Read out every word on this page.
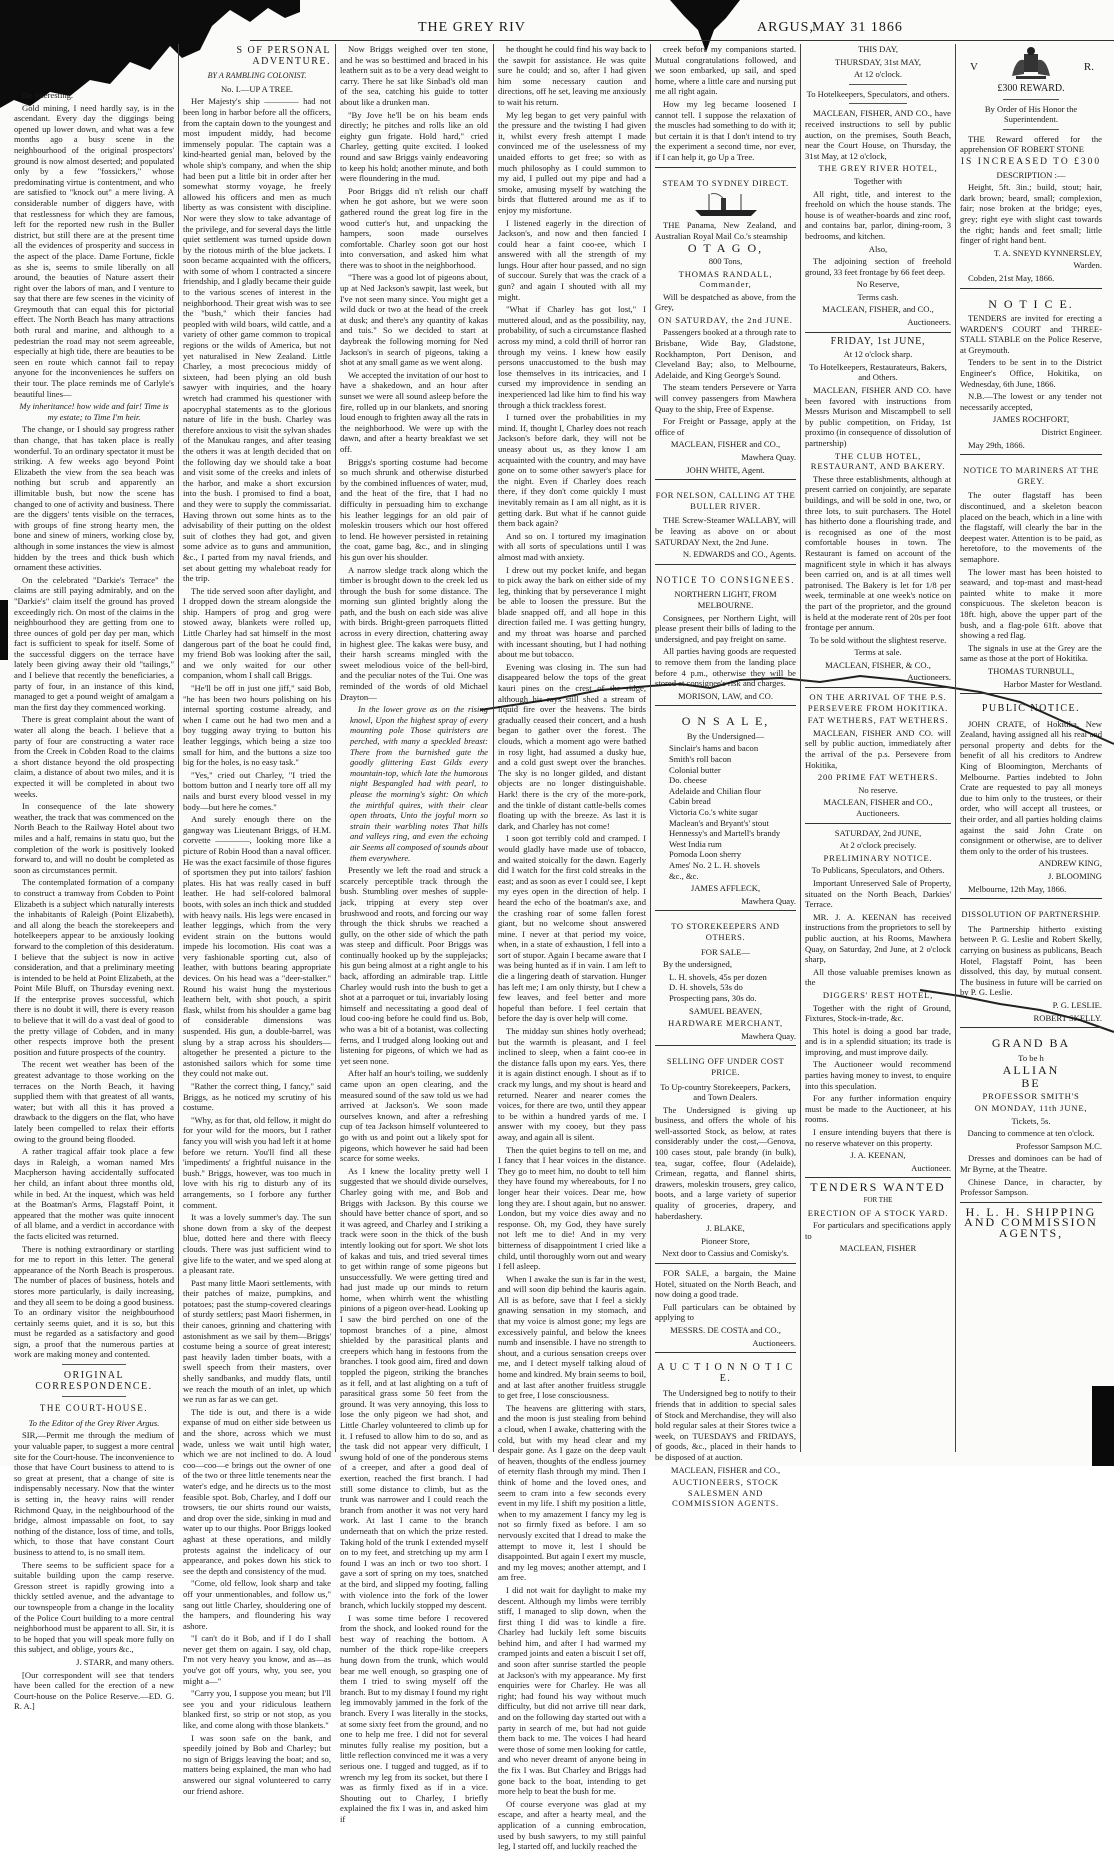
THE GREY RIV	ARGUS,
MAY 31 1866

the interesting.

Gold mining, I need hardly say, is in the ascendant. Every day the diggings being opened up lower down, and what was a few months ago a busy scene in the neighbourhood of the original prospectors' ground is now almost deserted; and populated only by a few "fossickers," whose predominating virtue is contentment, and who are satisfied to "knock out" a mere living. A considerable number of diggers have, with that restlessness for which they are famous, left for the reported new rush in the Buller district, but still there are at the present time all the evidences of prosperity and success in the aspect of the place. Dame Fortune, fickle as she is, seems to smile liberally on all around, the beauties of Nature assert their right over the labors of man, and I venture to say that there are few scenes in the vicinity of Greymouth that can equal this for pictorial effect. The North Beach has many attractions both rural and marine, and although to a pedestrian the road may not seem agreeable, especially at high tide, there are beauties to be seen en route which cannot fail to repay anyone for the inconveniences he suffers on their tour. The place reminds me of Carlyle's beautiful lines—

My inheritance! how wide and fair! Time is my estate; to Time I'm heir.

The change, or I should say progress rather than change, that has taken place is really wonderful. To an ordinary spectator it must be striking. A few weeks ago beyond Point Elizabeth the view from the sea beach was nothing but scrub and apparently an illimitable bush, but now the scene has changed to one of activity and business. There are the diggers' tents visible on the terraces, with groups of fine strong hearty men, the bone and sinew of miners, working close by, although in some instances the view is almost hidden by the trees and thick bush which ornament these activities.

On the celebrated "Darkie's Terrace" the claims are still paying admirably, and on the "Darkie's" claim itself the ground has proved exceedingly rich. On most of the claims in the neighbourhood they are getting from one to three ounces of gold per day per man, which fact is sufficient to speak for itself. Some of the successful diggers on the terrace have lately been giving away their old "tailings," and I believe that recently the beneficiaries, a party of four, in an instance of this kind, managed to get a pound weight of amalgam a man the first day they commenced working.

There is great complaint about the want of water all along the beach. I believe that a party of four are constructing a water race from the Creek in Cobden Road to the claims a short distance beyond the old prospecting claim, a distance of about two miles, and it is expected it will be completed in about two weeks.

In consequence of the late showery weather, the track that was commenced on the North Beach to the Railway Hotel about two miles and a half, remains in statu quo, but the completion of the work is positively looked forward to, and will no doubt be completed as soon as circumstances permit.

The contemplated formation of a company to construct a tramway from Cobden to Point Elizabeth is a subject which naturally interests the inhabitants of Raleigh (Point Elizabeth), and all along the beach the storekeepers and hotelkeepers appear to be anxiously looking forward to the completion of this desideratum. I believe that the subject is now in active consideration, and that a preliminary meeting is intended to be held at Point Elizabeth, at the Point Mile Bluff, on Thursday evening next. If the enterprise proves successful, which there is no doubt it will, there is every reason to believe that it will do a vast deal of good to the pretty village of Cobden, and in many other respects improve both the present position and future prospects of the country.

The recent wet weather has been of the greatest advantage to those working on the terraces on the North Beach, it having supplied them with that greatest of all wants, water; but with all this it has proved a drawback to the diggers on the flat, who have lately been compelled to relax their efforts owing to the ground being flooded.

A rather tragical affair took place a few days in Raleigh, a woman named Mrs Macpherson having accidentally suffocated her child, an infant about three months old, while in bed. At the inquest, which was held at the Boatman's Arms, Flagstaff Point, it appeared that the mother was quite innocent of all blame, and a verdict in accordance with the facts elicited was returned.

There is nothing extraordinary or startling for me to report in this letter. The general appearance of the North Beach is prosperous. The number of places of business, hotels and stores more particularly, is daily increasing, and they all seem to be doing a good business. To an ordinary visitor the neighbourhood certainly seems quiet, and it is so, but this must be regarded as a satisfactory and good sign, a proof that the numerous parties at work are making money and contented.

ORIGINAL CORRESPONDENCE.
THE COURT-HOUSE.

To the Editor of the Grey River Argus.

SIR,—Permit me through the medium of your valuable paper, to suggest a more central site for the Court-house. The inconvenience to those that have Court business to attend to is so great at present, that a change of site is indispensably necessary. Now that the winter is setting in, the heavy rains will render Richmond Quay, in the neighbourhood of the bridge, almost impassable on foot, to say nothing of the distance, loss of time, and tolls, which, to those that have constant Court business to attend to, is no small item.

There seems to be sufficient space for a suitable building upon the camp reserve. Gresson street is rapidly growing into a thickly settled avenue, and the advantage to our townspeople from a change in the locality of the Police Court building to a more central neighborhood must be apparent to all. Sir, it is to be hoped that you will speak more fully on this subject, and oblige, yours &c.,

J. STARR, and many others.

[Our correspondent will see that tenders have been called for the erection of a new Court-house on the Police Reserve.—ED. G. R. A.]

S OF PERSONAL ADVENTURE.

BY A RAMBLING COLONIST.

No. I.—UP A TREE.

Her Majesty's ship ———— had not been long in harbor before all the officers, from the captain down to the youngest and most impudent middy, had become immensely popular. The captain was a kind-hearted genial man, beloved by the whole ship's company, and when the ship had been put a little bit in order after her somewhat stormy voyage, he freely allowed his officers and men as much liberty as was consistent with discipline. Nor were they slow to take advantage of the privilege, and for several days the little quiet settlement was turned upside down by the riotous mirth of the blue jackets. I soon became acquainted with the officers, with some of whom I contracted a sincere friendship, and I gladly became their guide to the various scenes of interest in the neighborhood. Their great wish was to see the "bush," which their fancies had peopled with wild boars, wild cattle, and a variety of other game common to tropical regions or the wilds of America, but not yet naturalised in New Zealand. Little Charley, a most precocious middy of sixteen, had been plying an old bush sawyer with inquiries, and the hoary wretch had crammed his questioner with apocryphal statements as to the glorious nature of life in the bush. Charley was therefore anxious to visit the sylvan shades of the Manukau ranges, and after teasing the others it was at length decided that on the following day we should take a boat and visit some of the creeks and inlets of the harbor, and make a short excursion into the bush. I promised to find a boat, and they were to supply the commissariat. Having thrown out some hints as to the advisability of their putting on the oldest suit of clothes they had got, and given some advice as to guns and ammunition, &c., I parted from my naval friends, and set about getting my whaleboat ready for the trip.

The tide served soon after daylight, and I dropped down the stream alongside the ship. Hampers of prog and grog were stowed away, blankets were rolled up, Little Charley had sat himself in the most dangerous part of the boat he could find, my friend Bob was looking after the sail, and we only waited for our other companion, whom I shall call Briggs.

"He'll be off in just one jiff," said Bob, "he has been two hours polishing on his internal sporting costume already, and when I came out he had two men and a boy tugging away trying to button his leather leggings, which being a size too small for him, and the buttons a size too big for the holes, is no easy task."

"Yes," cried out Charley, "I tried the bottom button and I nearly tore off all my nails and burst every blood vessel in my body—but here he comes."

And surely enough there on the gangway was Lieutenant Briggs, of H.M. corvette ————, looking more like a picture of Robin Hood than a naval officer. He was the exact facsimile of those figures of sportsmen they put into tailors' fashion plates. His hat was really cased in buff leather. He had self-colored balmoral boots, with soles an inch thick and studded with heavy nails. His legs were encased in leather leggings, which from the very evident strain on the buttons would impede his locomotion. His coat was a very fashionable sporting cut, also of leather, with buttons bearing appropriate devices. On his head was a "deer-stalker." Round his waist hung the mysterious leathern belt, with shot pouch, a spirit flask, whilst from his shoulder a game bag of considerable dimensions was suspended. His gun, a double-barrel, was slung by a strap across his shoulders—altogether he presented a picture to the astonished sailors which for some time they could not make out.

"Rather the correct thing, I fancy," said Briggs, as he noticed my scrutiny of his costume.

"Why, as for that, old fellow, it might do for your wild for the moors, but I rather fancy you will wish you had left it at home before we return. You'll find all these 'impediments' a frightful nuisance in the bush." Briggs, however, was too much in love with his rig to disturb any of its arrangements, so I forbore any further comment.

It was a lovely summer's day. The sun shone down from a sky of the deepest blue, dotted here and there with fleecy clouds. There was just sufficient wind to give life to the water, and we sped along at a pleasant rate.

Past many little Maori settlements, with their patches of maize, pumpkins, and potatoes; past the stump-covered clearings of sturdy settlers; past Maori fishermen, in their canoes, grinning and chattering with astonishment as we sail by them—Briggs' costume being a source of great interest; past heavily laden timber boats, with a swell speech from their masters, over shelly sandbanks, and muddy flats, until we reach the mouth of an inlet, up which we run as far as we can get.

The tide is out, and there is a wide expanse of mud on either side between us and the shore, across which we must wade, unless we wait until high water, which we are not inclined to do. A loud coo—coo—e brings out the owner of one of the two or three little tenements near the water's edge, and he directs us to the most feasible spot. Bob, Charley, and I doff our trowsers, tie our shirts round our waists, and drop over the side, sinking in mud and water up to our thighs. Poor Briggs looked aghast at these operations, and mildly protests against the indelicacy of our appearance, and pokes down his stick to see the depth and consistency of the mud.

"Come, old fellow, look sharp and take off your unmentionables, and follow us," sang out little Charley, shouldering one of the hampers, and floundering his way ashore.

"I can't do it Bob, and if I do I shall never get them on again. I say, old chap, I'm not very heavy you know, and as—as you've got off yours, why, you see, you might a—"

"Carry you, I suppose you mean; but I'll see you and your ridiculous leathern blanked first, so strip or not stop, as you like, and come along with those blankets."

I was soon safe on the bank, and speedily joined by Bob and Charley; but no sign of Briggs leaving the boat; and so, matters being explained, the man who had answered our signal volunteered to carry our friend ashore.

Now Briggs weighed over ten stone, and he was so besttimed and braced in his leathern suit as to be a very dead weight to carry. There he sat like Sinbad's old man of the sea, catching his guide to totter about like a drunken man.

"By Jove he'll be on his beam ends directly; he pitches and rolls like an old eighty gun frigate. Hold hard," cried Charley, getting quite excited. I looked round and saw Briggs vainly endeavoring to keep his hold; another minute, and both were floundering in the mud.

Poor Briggs did n't relish our chaff when he got ashore, but we were soon gathered round the great log fire in the wood cutter's hut, and unpacking the hampers, soon made ourselves comfortable. Charley soon got our host into conversation, and asked him what there was to shoot in the neighborhood.

"There was a good lot of pigeons about, up at Ned Jackson's sawpit, last week, but I've not seen many since. You might get a wild duck or two at the head of the creek at dusk; and there's any quantity of kakas and tuis." So we decided to start at daybreak the following morning for Ned Jackson's in search of pigeons, taking a shot at any small game as we went along.

We accepted the invitation of our host to have a shakedown, and an hour after sunset we were all sound asleep before the fire, rolled up in our blankets, and snoring loud enough to frighten away all the rats in the neighborhood. We were up with the dawn, and after a hearty breakfast we set off.

Briggs's sporting costume had become so much shrunk and otherwise disturbed by the combined influences of water, mud, and the heat of the fire, that I had no difficulty in persuading him to exchange his leather leggings for an old pair of moleskin trousers which our host offered to lend. He however persisted in retaining the coat, game bag, &c., and in slinging his gun over his shoulder.

A narrow sledge track along which the timber is brought down to the creek led us through the bush for some distance. The morning sun glinted brightly along the path, and the bush on each side was alive with birds. Bright-green parroquets flitted across in every direction, chattering away in highest glee. The kakas were busy, and their harsh screams mingled with the sweet melodious voice of the bell-bird, and the peculiar notes of the Tui. One was reminded of the words of old Michael Drayton—

In the lower grove as on the rising knowl, Upon the highest spray of every mounting pole Those quiristers are perched, with many a speckled breast: There from the burnished gate the goodly glittering East Gilds every mountain-top, which late the humorous night Bespangled had with pearl, to please the morning's sight: On which the mirthful quires, with their clear open throats, Unto the joyful morn so strain their warbling notes That hills and valleys ring, and even the echoing air Seems all composed of sounds about them everywhere.

Presently we left the road and struck a scarcely perceptible track through the bush. Stumbling over meshes of supple-jack, tripping at every step over brushwood and roots, and forcing our way through the thick shrubs we reached a gully, on the other side of which the path was steep and difficult. Poor Briggs was continually hooked up by the supplejacks; his gun being almost at a right angle to his back, affording an admirable trap. Little Charley would rush into the bush to get a shot at a parroquet or tui, invariably losing himself and necessitating a good deal of loud coo-ing before he could find us. Bob, who was a bit of a botanist, was collecting ferns, and I trudged along looking out and listening for pigeons, of which we had as yet seen none.

After half an hour's toiling, we suddenly came upon an open clearing, and the measured sound of the saw told us we had arrived at Jackson's. We soon made ourselves known, and after a refreshing cup of tea Jackson himself volunteered to go with us and point out a likely spot for pigeons, which however he said had been scarce for some weeks.

As I knew the locality pretty well I suggested that we should divide ourselves, Charley going with me, and Bob and Briggs with Jackson. By this course we should have better chance of sport, and so it was agreed, and Charley and I striking a track were soon in the thick of the bush intently looking out for sport. We shot lots of kakas and tuis, and tried several times to get within range of some pigeons but unsuccessfully. We were getting tired and had just made up our minds to return home, when whirrh went the whistling pinions of a pigeon over-head. Looking up I saw the bird perched on one of the topmost branches of a pine, almost shielded by the parasitical plants and creepers which hang in festoons from the branches. I took good aim, fired and down toppled the pigeon, striking the branches as it fell, and at last alighting on a tuft of parasitical grass some 50 feet from the ground. It was very annoying, this loss to lose the only pigeon we had shot, and Little Charley volunteered to climb up for it. I refused to allow him to do so, and as the task did not appear very difficult, I swung hold of one of the ponderous stems of a creeper, and after a good deal of exertion, reached the first branch. I had still some distance to climb, but as the trunk was narrower and I could reach the branch from another it was not very hard work. At last I came to the branch underneath that on which the prize rested. Taking hold of the trunk I extended myself on to my feet, and stretching up my arm I found I was an inch or two too short. I gave a sort of spring on my toes, snatched at the bird, and slipped my footing, falling with violence into the fork of the lower branch, which luckily stopped my descent.

I was some time before I recovered from the shock, and looked round for the best way of reaching the bottom. A number of the thick rope-like creepers hung down from the trunk, which would bear me well enough, so grasping one of them I tried to swing myself off the branch. But to my dismay I found my right leg immovably jammed in the fork of the branch. Every I was literally in the stocks, at some sixty feet from the ground, and no one to help me free. I did not for several minutes fully realise my position, but a little reflection convinced me it was a very serious one. I tugged and tugged, as if to wrench my leg from its socket, but there I was as firmly fixed as if in a vice. Shouting out to Charley, I briefly explained the fix I was in, and asked him if

he thought he could find his way back to the sawpit for assistance. He was quite sure he could; and so, after I had given him some necessary caution and directions, off he set, leaving me anxiously to wait his return.

My leg began to get very painful with the pressure and the twisting I had given it, whilst every fresh attempt I made convinced me of the uselessness of my unaided efforts to get free; so with as much philosophy as I could summon to my aid, I pulled out my pipe and had a smoke, amusing myself by watching the birds that fluttered around me as if to enjoy my misfortune.

I listened eagerly in the direction of Jackson's, and now and then fancied I could hear a faint coo-ee, which I answered with all the strength of my lungs. Hour after hour passed, and no sign of succour. Surely that was the crack of a gun? and again I shouted with all my might.

"What if Charley has got lost," I muttered aloud, and as the possibility, nay, probability, of such a circumstance flashed across my mind, a cold thrill of horror ran through my veins. I knew how easily persons unaccustomed to the bush may lose themselves in its intricacies, and I cursed my improvidence in sending an inexperienced lad like him to find his way through a thick trackless forest.

I turned over the probabilities in my mind. If, thought I, Charley does not reach Jackson's before dark, they will not be uneasy about us, as they know I am acquainted with the country, and may have gone on to some other sawyer's place for the night. Even if Charley does reach there, if they don't come quickly I must inevitably remain as I am all night, as it is getting dark. But what if he cannot guide them back again?

And so on. I tortured my imagination with all sorts of speculations until I was almost mad with anxiety.

I drew out my pocket knife, and began to pick away the bark on either side of my leg, thinking that by perseverance I might be able to loosen the pressure. But the blade snapped off, and all hope in this direction failed me. I was getting hungry, and my throat was hoarse and parched with incessant shouting, but I had nothing about me but tobacco.

Evening was closing in. The sun had disappeared below the tops of the great kauri pines on the crest of the ridge, although his rays still shed a stream of liquid fire over the heavens. The birds gradually ceased their concert, and a hush began to gather over the forest. The clouds, which a moment ago were bathed in rosy light, had assumed a dusky hue, and a cold gust swept over the branches. The sky is no longer gilded, and distant objects are no longer distinguishable. Hark! there is the cry of the more-pork, and the tinkle of distant cattle-bells comes floating up with the breeze. As last it is dark, and Charley has not come!

I soon got terribly cold and cramped. I would gladly have made use of tobacco, and waited stoically for the dawn. Eagerly did I watch for the first cold streaks in the east; and as soon as ever I could see, I kept my eyes open in the direction of help. I heard the echo of the boatman's axe, and the crashing roar of some fallen forest giant, but no welcome shout answered mine. I never at that period my voice, when, in a state of exhaustion, I fell into a sort of stupor. Again I became aware that I was being hunted as if in vain. I am left to die a lingering death of starvation. Hunger has left me; I am only thirsty, but I chew a few leaves, and feel better and more hopeful than before. I feel certain that before the day is over help will come.

The midday sun shines hotly overhead; but the warmth is pleasant, and I feel inclined to sleep, when a faint coo-ee in the distance falls upon my ears. Yes, there it is again distinct enough. I shout as if to crack my lungs, and my shout is heard and returned. Nearer and nearer comes the voices, for there are two, until they appear to be within a hundred yards of me. I answer with my cooey, but they pass away, and again all is silent.

Then the quiet begins to tell on me, and I fancy that I hear voices in the distance. They go to meet him, no doubt to tell him they have found my whereabouts, for I no longer hear their voices. Dear me, how long they are. I shout again, but no answer. London, but my voice dies away and no response. Oh, my God, they have surely not left me to die! And in my very bitterness of disappointment I cried like a child, until thoroughly worn out and weary I fell asleep.

When I awake the sun is far in the west, and will soon dip behind the kauris again. All is as before, save that I feel a sickly gnawing sensation in my stomach, and that my voice is almost gone; my legs are excessively painful, and below the knees numb and insensible. I have no strength to shout, and a curious sensation creeps over me, and I detect myself talking aloud of home and kindred. My brain seems to boil, and at last after another fruitless struggle to get free, I lose consciousness.

The heavens are glittering with stars, and the moon is just stealing from behind a cloud, when I awake, chattering with the cold, but with my head clear and my despair gone. As I gaze on the deep vault of heaven, thoughts of the endless journey of eternity flash through my mind. Then I think of home and the loved ones, and seem to cram into a few seconds every event in my life. I shift my position a little, when to my amazement I fancy my leg is not so firmly fixed as before. I am so nervously excited that I dread to make the attempt to move it, lest I should be disappointed. But again I exert my muscle, and my leg moves; another attempt, and I am free.

I did not wait for daylight to make my descent. Although my limbs were terribly stiff, I managed to slip down, when the first thing I did was to kindle a fire. Charley had luckily left some biscuits behind him, and after I had warmed my cramped joints and eaten a biscuit I set off, and soon after sunrise startled the people at Jackson's with my appearance. My first enquiries were for Charley. He was all right; had found his way without much difficulty, but did not arrive till near dark, and on the following day started out with a party in search of me, but had not guide them back to me. The voices I had heard were those of some men looking for cattle, and who never dreamt of anyone being in the fix I was. But Charley and Briggs had gone back to the boat, intending to get more help to beat the bush for me.

Of course everyone was glad at my escape, and after a hearty meal, and the application of a cunning embrocation, used by bush sawyers, to my still painful leg, I started off, and luckily reached the

creek before my companions started. Mutual congratulations followed, and we soon embarked, up sail, and sped home, where a little care and nursing put me all right again.

How my leg became loosened I cannot tell. I suppose the relaxation of the muscles had something to do with it; but certain it is that I don't intend to try the experiment a second time, nor ever, if I can help it, go Up a Tree.

STEAM TO SYDNEY DIRECT.

THE Panama, New Zealand, and Australian Royal Mail Co.'s steamship

O T A G O,

800 Tons,

THOMAS RANDALL, Commander,

Will be despatched as above, from the Grey,

ON SATURDAY, the 2nd JUNE.

Passengers booked at a through rate to Brisbane, Wide Bay, Gladstone, Rockhampton, Port Denison, and Cleveland Bay; also, to Melbourne, Adelaide, and King George's Sound.

The steam tenders Persevere or Yarra will convey passengers from Mawhera Quay to the ship, Free of Expense.

For Freight or Passage, apply at the office of

MACLEAN, FISHER and CO.,

Mawhera Quay.

JOHN WHITE, Agent.

FOR NELSON, CALLING AT THE BULLER RIVER.

THE Screw-Steamer WALLABY, will be leaving as above on or about SATURDAY Next, the 2nd June.

N. EDWARDS and CO., Agents.

NOTICE TO CONSIGNEES.

NORTHERN LIGHT, FROM MELBOURNE.

Consignees, per Northern Light, will please present their bills of lading to the undersigned, and pay freight on same.

All parties having goods are requested to remove them from the landing place before 4 p.m., otherwise they will be stored at consignee's risk and charges.

MORISON, LAW, and CO.

O N S A L E,

By the Undersigned—

Sinclair's hams and bacon
Smith's roll bacon
Colonial butter
Do. cheese
Adelaide and Chilian flour
Cabin bread
Victoria Co.'s white sugar
Maclean's and Bryant's' stout
Hennessy's and Martell's brandy
West India rum
Pomoda Loon sherry
Ames' No. 2 L. H. shovels
&c., &c.

JAMES AFFLECK,

Mawhera Quay.

TO STOREKEEPERS AND OTHERS.

FOR SALE—

By the undersigned,

L. H. shovels, 45s per dozen
D. H. shovels, 53s do
Prospecting pans, 30s do.

SAMUEL BEAVEN,

HARDWARE MERCHANT,

Mawhera Quay.

SELLING OFF UNDER COST PRICE.

To Up-country Storekeepers, Packers, and Town Dealers.

The Undersigned is giving up business, and offers the whole of his well-assorted Stock, as below, at rates considerably under the cost,—Genova, 100 cases stout, pale brandy (in bulk), tea, sugar, coffee, flour (Adelaide), Crimean, regatta, and flannel shirts, drawers, moleskin trousers, grey calico, boots, and a large variety of superior quality of groceries, drapery, and haberdashery.

J. BLAKE,

Pioneer Store,

Next door to Cassius and Comisky's.

FOR SALE, a bargain, the Maine Hotel, situated on the North Beach, and now doing a good trade.

Full particulars can be obtained by applying to

MESSRS. DE COSTA and CO.,

Auctioneers.

A U C T I O N N O T I C E.

The Undersigned beg to notify to their friends that in addition to special sales of Stock and Merchandise, they will also hold regular sales at their Stores twice a week, on TUESDAYS and FRIDAYS, of goods, &c., placed in their hands to be disposed of at auction.

MACLEAN, FISHER and CO.,

AUCTIONEERS, STOCK SALESMEN AND COMMISSION AGENTS.

THIS DAY,

THURSDAY, 31st MAY,

At 12 o'clock.

To Hotelkeepers, Speculators, and others.

MACLEAN, FISHER, AND CO., have received instructions to sell by public auction, on the premises, South Beach, near the Court House, on Thursday, the 31st May, at 12 o'clock,

THE GREY RIVER HOTEL,

Together with

All right, title, and interest to the freehold on which the house stands. The house is of weather-boards and zinc roof, and contains bar, parlor, dining-room, 3 bedrooms, and kitchen.

Also,

The adjoining section of freehold ground, 33 feet frontage by 66 feet deep.

No Reserve,

Terms cash.

MACLEAN, FISHER, and CO.,

Auctioneers.

FRIDAY, 1st JUNE,

At 12 o'clock sharp.

To Hotelkeepers, Restaurateurs, Bakers, and Others.

MACLEAN, FISHER AND CO. have been favored with instructions from Messrs Murison and Miscampbell to sell by public competition, on Friday, 1st proximo (in consequence of dissolution of partnership)

THE CLUB HOTEL, RESTAURANT, AND BAKERY.

These three establishments, although at present carried on conjointly, are separate buildings, and will be sold in one, two, or three lots, to suit purchasers. The Hotel has hitherto done a flourishing trade, and is recognised as one of the most comfortable houses in town. The Restaurant is famed on account of the magnificent style in which it has always been carried on, and is at all times well patronised. The Bakery is let for 1/8 per week, terminable at one week's notice on the part of the proprietor, and the ground is held at the moderate rent of 20s per foot frontage per annum.

To be sold without the slightest reserve.

Terms at sale.

MACLEAN, FISHER, & CO.,

Auctioneers.

ON THE ARRIVAL OF THE P.S. PERSEVERE FROM HOKITIKA.

FAT WETHERS, FAT WETHERS.

MACLEAN, FISHER AND CO. will sell by public auction, immediately after the arrival of the p.s. Persevere from Hokitika,

200 PRIME FAT WETHERS.

No reserve.

MACLEAN, FISHER and CO., Auctioneers.

SATURDAY, 2nd JUNE,

At 2 o'clock precisely.

PRELIMINARY NOTICE.

To Publicans, Speculators, and Others.

Important Unreserved Sale of Property, situated on the North Beach, Darkies' Terrace.

MR. J. A. KEENAN has received instructions from the proprietors to sell by public auction, at his Rooms, Mawhera Quay, on Saturday, 2nd June, at 2 o'clock sharp,

All those valuable premises known as the

DIGGERS' REST HOTEL,

Together with the right of Ground, Fixtures, Stock-in-trade, &c.

This hotel is doing a good bar trade, and is in a splendid situation; its trade is improving, and must improve daily.

The Auctioneer would recommend parties having money to invest, to enquire into this speculation.

For any further information enquiry must be made to the Auctioneer, at his rooms.

I ensure intending buyers that there is no reserve whatever on this property.

J. A. KEENAN,

Auctioneer.

TENDERS WANTED

FOR THE

ERECTION OF A STOCK YARD.

For particulars and specifications apply to

MACLEAN, FISHER

V	R.

£300 REWARD.

By Order of His Honor the Superintendent.

THE Reward offered for the apprehension OF ROBERT STONE

IS INCREASED TO £300

DESCRIPTION :—

Height, 5ft. 3in.; build, stout; hair, dark brown; beard, small; complexion, fair; nose broken at the bridge; eyes, grey; right eye with slight cast towards the right; hands and feet small; little finger of right hand bent.

T. A. SNEYD KYNNERSLEY,

Warden.

Cobden, 21st May, 1866.

N O T I C E.

TENDERS are invited for erecting a WARDEN'S COURT and THREE-STALL STABLE on the Police Reserve, at Greymouth.

Tenders to be sent in to the District Engineer's Office, Hokitika, on Wednesday, 6th June, 1866.

N.B.—The lowest or any tender not necessarily accepted,

JAMES ROCHFORT,

District Engineer.

May 29th, 1866.

NOTICE TO MARINERS AT THE GREY.

The outer flagstaff has been discontinued, and a skeleton beacon placed on the beach, which in a line with the flagstaff, will clearly the bar in the deepest water. Attention is to be paid, as heretofore, to the movements of the semaphore.

The lower mast has been hoisted to seaward, and top-mast and mast-head painted white to make it more conspicuous. The skeleton beacon is 18ft. high, above the upper part of the bush, and a flag-pole 61ft. above that showing a red flag.

The signals in use at the Grey are the same as those at the port of Hokitika.

THOMAS TURNBULL,

Harbor Master for Westland.

PUBLIC NOTICE.

JOHN CRATE, of Hokitika, New Zealand, having assigned all his real and personal property and debts for the benefit of all his creditors to Andrew King of Bloomington, Merchants of Melbourne. Parties indebted to John Crate are requested to pay all moneys due to him only to the trustees, or their order, who will accept all trustees, or their order, and all parties holding claims against the said John Crate on consignment or otherwise, are to deliver them only to the order of his trustees.

ANDREW KING,

J. BLOOMING

Melbourne, 12th May, 1866.

DISSOLUTION OF PARTNERSHIP.

The Partnership hitherto existing between P. G. Leslie and Robert Skelly, carrying on business as publicans, Beach Hotel, Flagstaff Point, has been dissolved, this day, by mutual consent. The business in future will be carried on by P. G. Leslie.

P. G. LESLIE.

ROBERT SKELLY.

GRAND BA

To be h

ALLIAN

BE

PROFESSOR SMITH'S

ON MONDAY, 11th JUNE,

Tickets, 5s.

Dancing to commence at ten o'clock.

Professor Sampson M.C.

Dresses and dominoes can be had of Mr Byrne, at the Theatre.

Chinese Dance, in character, by Professor Sampson.

H. L. H. SHIPPING AND COMMISSION AGENTS,
